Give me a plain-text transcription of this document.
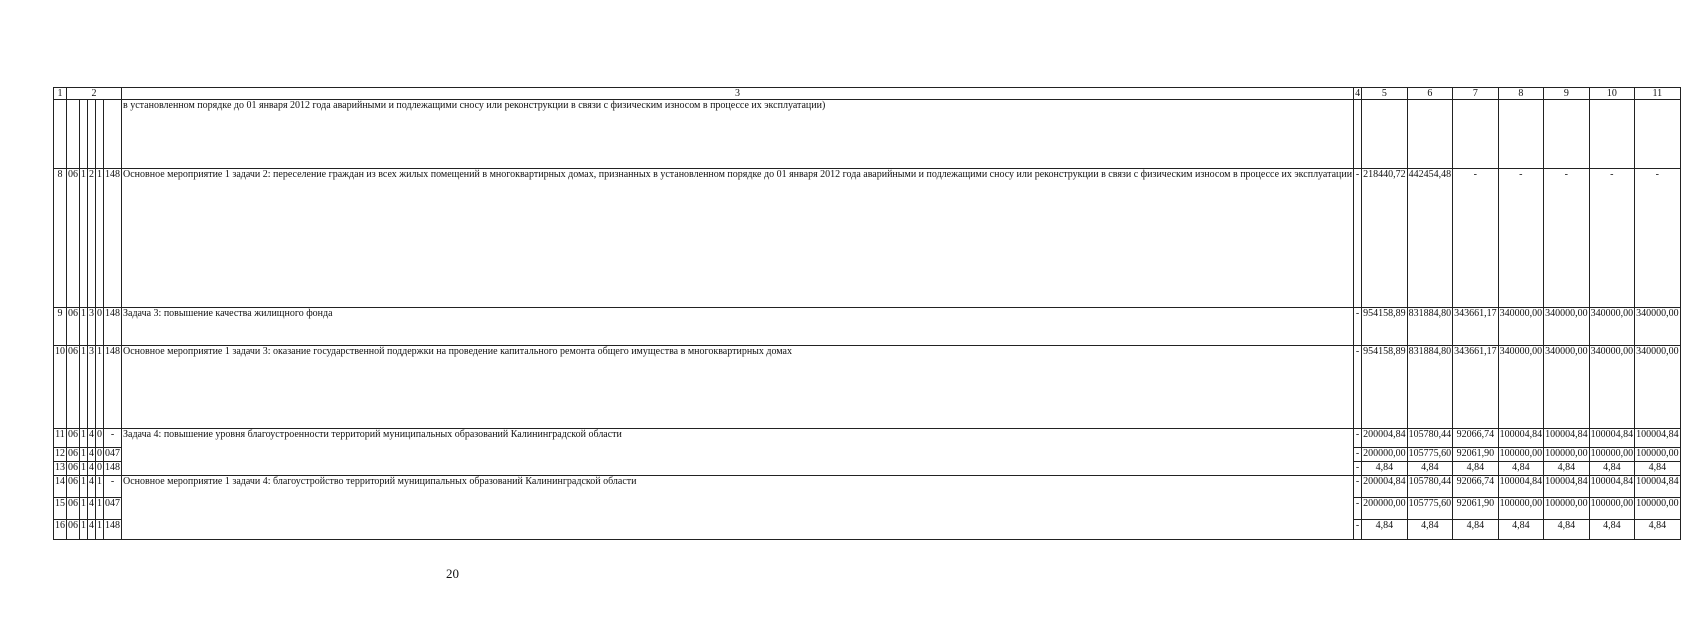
1	2					3	4	5	6	7	8	9	10	11
						в установленном порядке до 01 января 2012 года аварийными и подлежащими сносу или реконструкции в связи с физическим износом в процессе их эксплуатации)								
8	06	1	2	1	148	Основное мероприятие 1 задачи 2: переселение граждан из всех жилых помещений в многоквартирных домах, признанных в установленном порядке до 01 января 2012 года аварийными и подлежащими сносу или реконструкции в связи с физическим износом в процессе их эксплуатации	-	218440,72	442454,48	-	-	-	-	-
9	06	1	3	0	148	Задача 3: повышение качества жилищного фонда	-	954158,89	831884,80	343661,17	340000,00	340000,00	340000,00	340000,00
10	06	1	3	1	148	Основное мероприятие 1 задачи 3: оказание государственной поддержки на проведение капитального ремонта общего имущества в многоквартирных домах	-	954158,89	831884,80	343661,17	340000,00	340000,00	340000,00	340000,00
11	06	1	4	0	-	Задача 4: повышение уровня благоустроенности территорий муниципальных образований Калининградской области	-	200004,84	105780,44	92066,74	100004,84	100004,84	100004,84	100004,84
12	06	1	4	0	047		-	200000,00	105775,60	92061,90	100000,00	100000,00	100000,00	100000,00
13	06	1	4	0	148		-	4,84	4,84	4,84	4,84	4,84	4,84	4,84
14	06	1	4	1	-	Основное мероприятие 1 задачи 4: благоустройство территорий муниципальных образований Калининградской области	-	200004,84	105780,44	92066,74	100004,84	100004,84	100004,84	100004,84
15	06	1	4	1	047		-	200000,00	105775,60	92061,90	100000,00	100000,00	100000,00	100000,00
16	06	1	4	1	148		-	4,84	4,84	4,84	4,84	4,84	4,84	4,84
20
